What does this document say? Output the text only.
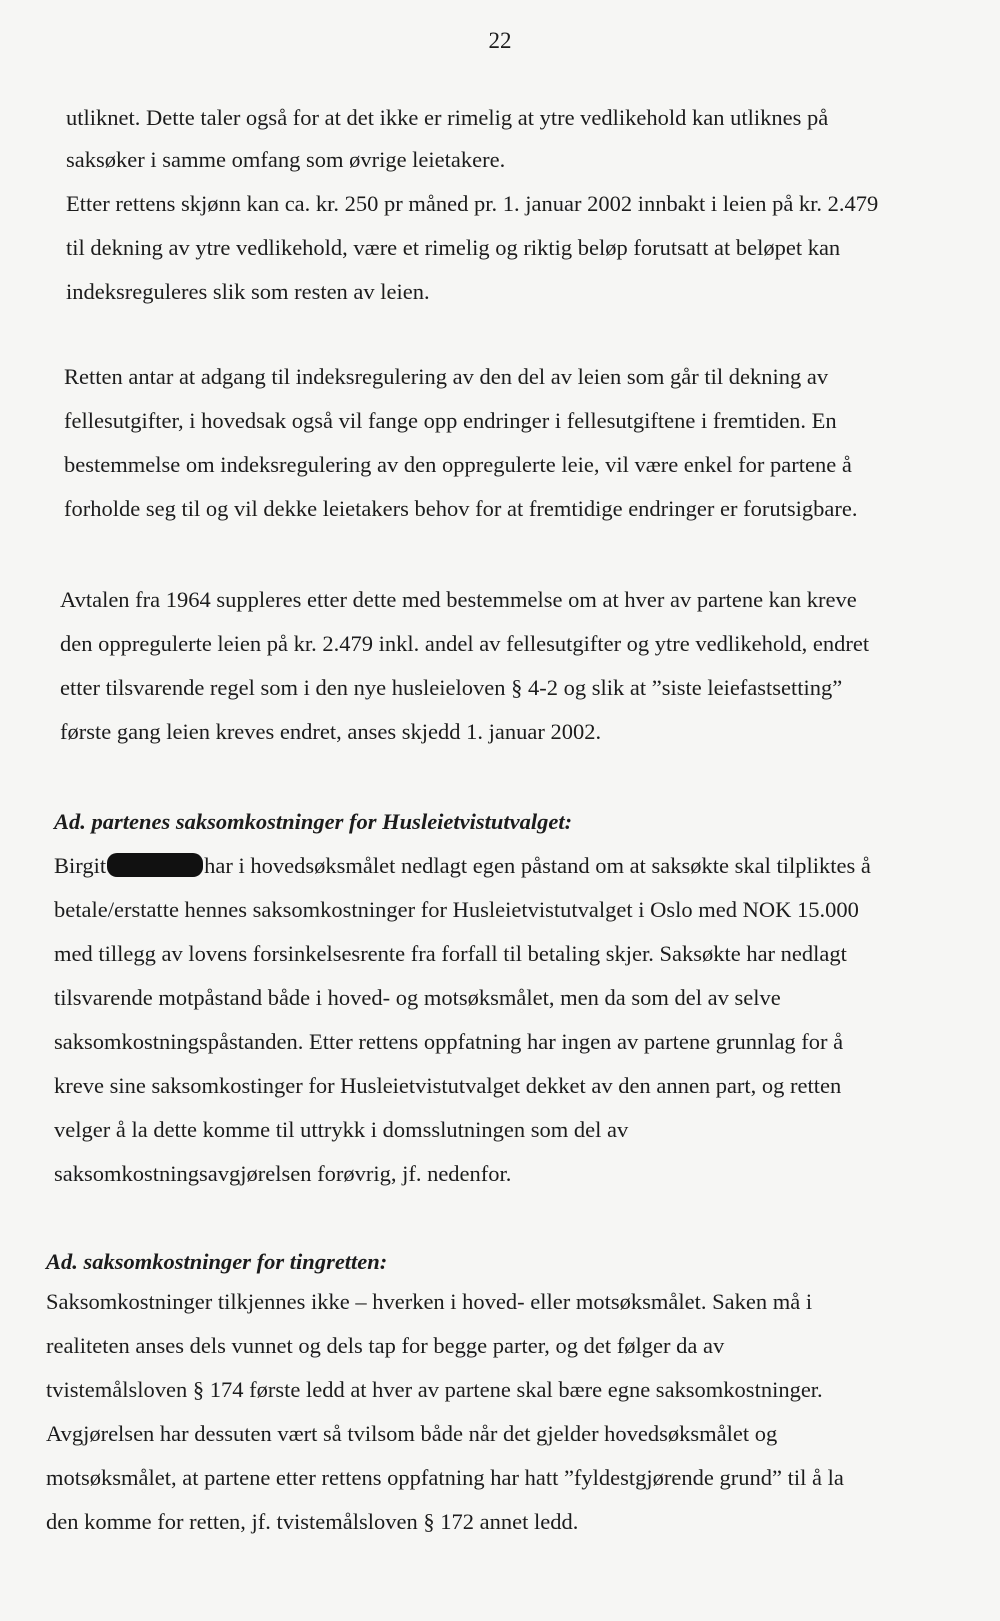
22
utliknet. Dette taler også for at det ikke er rimelig at ytre vedlikehold kan utliknes på
saksøker i samme omfang som øvrige leietakere.
Etter rettens skjønn kan ca. kr. 250 pr måned pr. 1. januar 2002 innbakt i leien på kr. 2.479
til dekning av ytre vedlikehold, være et rimelig og riktig beløp forutsatt at beløpet kan
indeksreguleres slik som resten av leien.
Retten antar at adgang til indeksregulering av den del av leien som går til dekning av
fellesutgifter, i hovedsak også vil fange opp endringer i fellesutgiftene i fremtiden. En
bestemmelse om indeksregulering av den oppregulerte leie, vil være enkel for partene å
forholde seg til og vil dekke leietakers behov for at fremtidige endringer er forutsigbare.
Avtalen fra 1964 suppleres etter dette med bestemmelse om at hver av partene kan kreve
den oppregulerte leien på kr. 2.479 inkl. andel av fellesutgifter og ytre vedlikehold, endret
etter tilsvarende regel som i den nye husleieloven § 4-2 og slik at ”siste leiefastsetting”
første gang leien kreves endret, anses skjedd 1. januar 2002.
Ad. partenes saksomkostninger for Husleietvistutvalget:
Birgit	har i hovedsøksmålet nedlagt egen påstand om at saksøkte skal tilpliktes å
betale/erstatte hennes saksomkostninger for Husleietvistutvalget i Oslo med NOK 15.000
med tillegg av lovens forsinkelsesrente fra forfall til betaling skjer. Saksøkte har nedlagt
tilsvarende motpåstand både i hoved- og motsøksmålet, men da som del av selve
saksomkostningspåstanden. Etter rettens oppfatning har ingen av partene grunnlag for å
kreve sine saksomkostinger for Husleietvistutvalget dekket av den annen part, og retten
velger å la dette komme til uttrykk i domsslutningen som del av
saksomkostningsavgjørelsen forøvrig, jf. nedenfor.
Ad. saksomkostninger for tingretten:
Saksomkostninger tilkjennes ikke – hverken i hoved- eller motsøksmålet. Saken må i
realiteten anses dels vunnet og dels tap for begge parter, og det følger da av
tvistemålsloven § 174 første ledd at hver av partene skal bære egne saksomkostninger.
Avgjørelsen har dessuten vært så tvilsom både når det gjelder hovedsøksmålet og
motsøksmålet, at partene etter rettens oppfatning har hatt ”fyldestgjørende grund” til å la
den komme for retten, jf. tvistemålsloven § 172 annet ledd.
